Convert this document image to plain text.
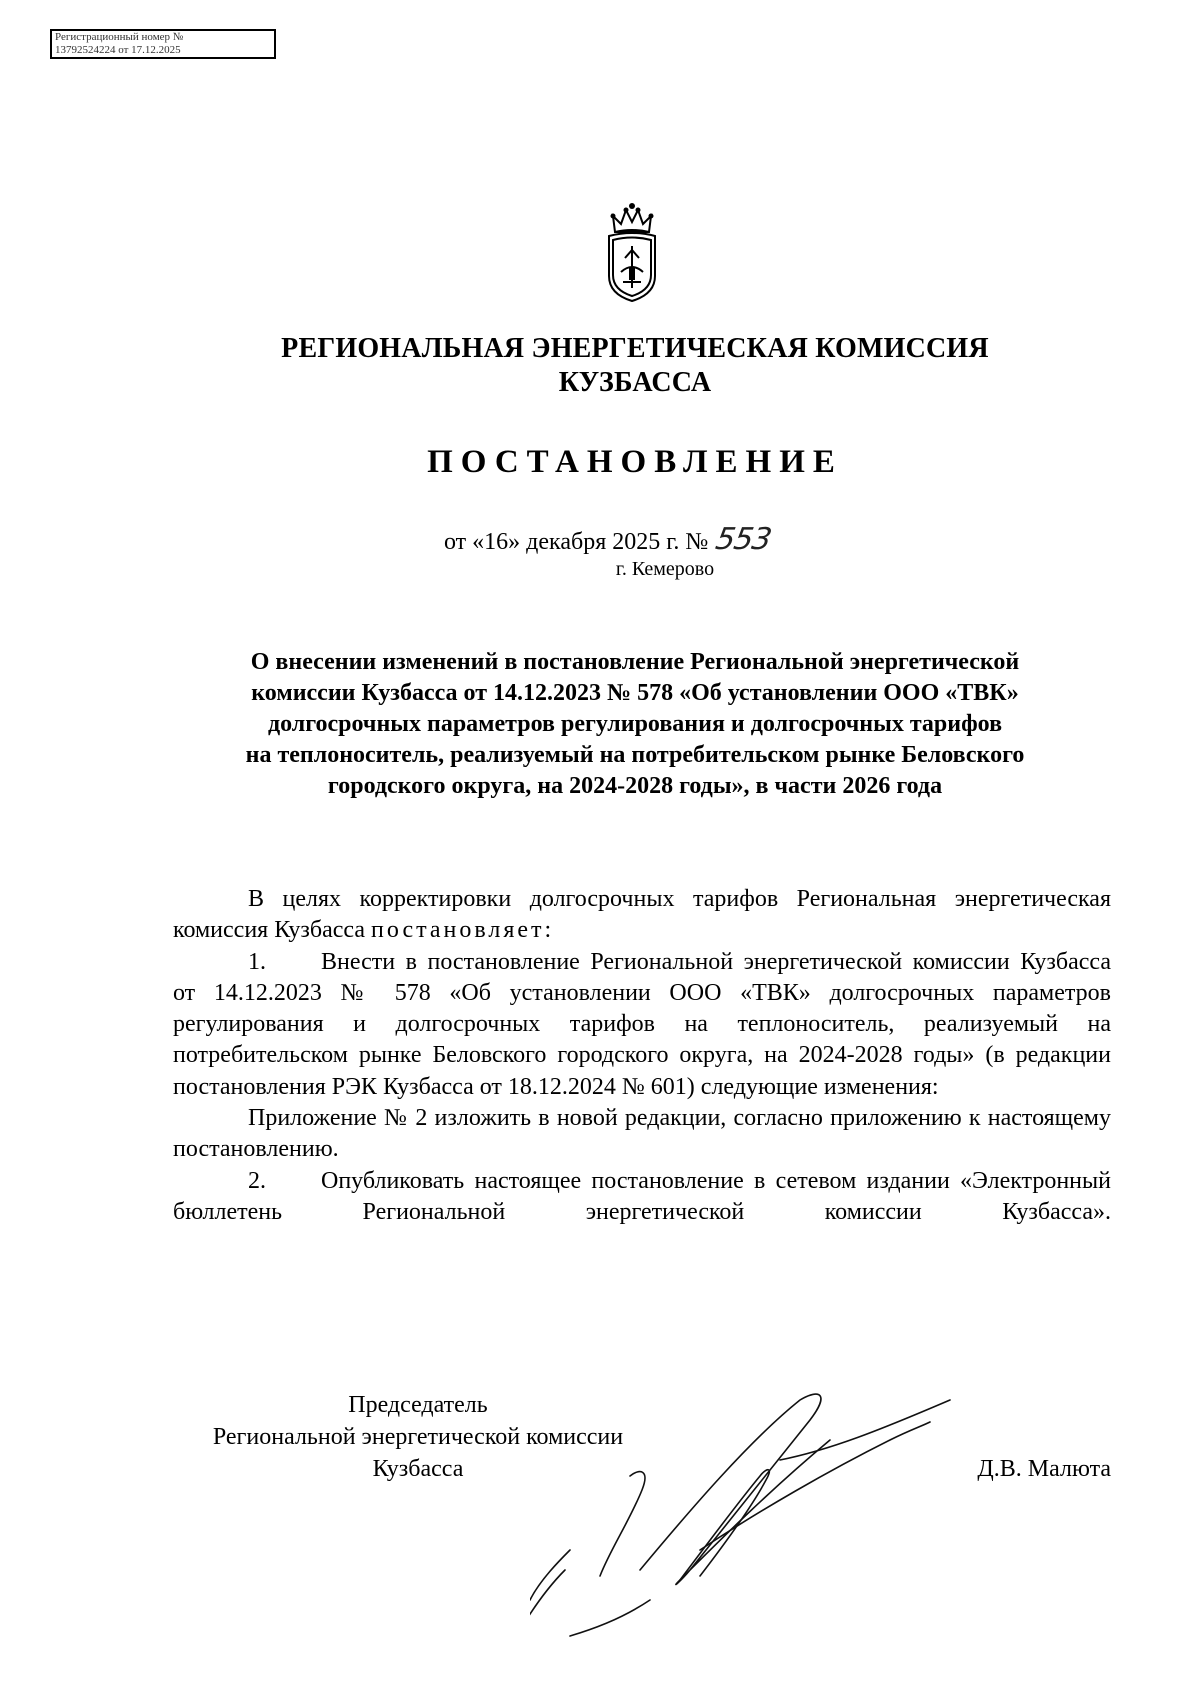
Регистрационный номер №
13792524224 от 17.12.2025
РЕГИОНАЛЬНАЯ ЭНЕРГЕТИЧЕСКАЯ КОМИССИЯ
КУЗБАССА
ПОСТАНОВЛЕНИЕ
от «16» декабря 2025 г. № 553
г. Кемерово
О внесении изменений в постановление Региональной энергетической
комиссии Кузбасса от 14.12.2023 № 578 «Об установлении ООО «ТВК»
долгосрочных параметров регулирования и долгосрочных тарифов
на теплоноситель, реализуемый на потребительском рынке Беловского
городского округа, на 2024-2028 годы», в части 2026 года

В целях корректировки долгосрочных тарифов Региональная энергетическая комиссия Кузбасса постановляет:

1. Внести в постановление Региональной энергетической комиссии Кузбасса от 14.12.2023 № 578 «Об установлении ООО «ТВК» долгосрочных параметров регулирования и долгосрочных тарифов на теплоноситель, реализуемый на потребительском рынке Беловского городского округа, на 2024-2028 годы» (в редакции постановления РЭК Кузбасса от 18.12.2024 № 601) следующие изменения:

Приложение № 2 изложить в новой редакции, согласно приложению к настоящему постановлению.

2. Опубликовать настоящее постановление в сетевом издании «Электронный бюллетень Региональной энергетической комиссии Кузбасса».

Председатель
Региональной энергетической комиссии
Кузбасса	Д.В. Малюта
